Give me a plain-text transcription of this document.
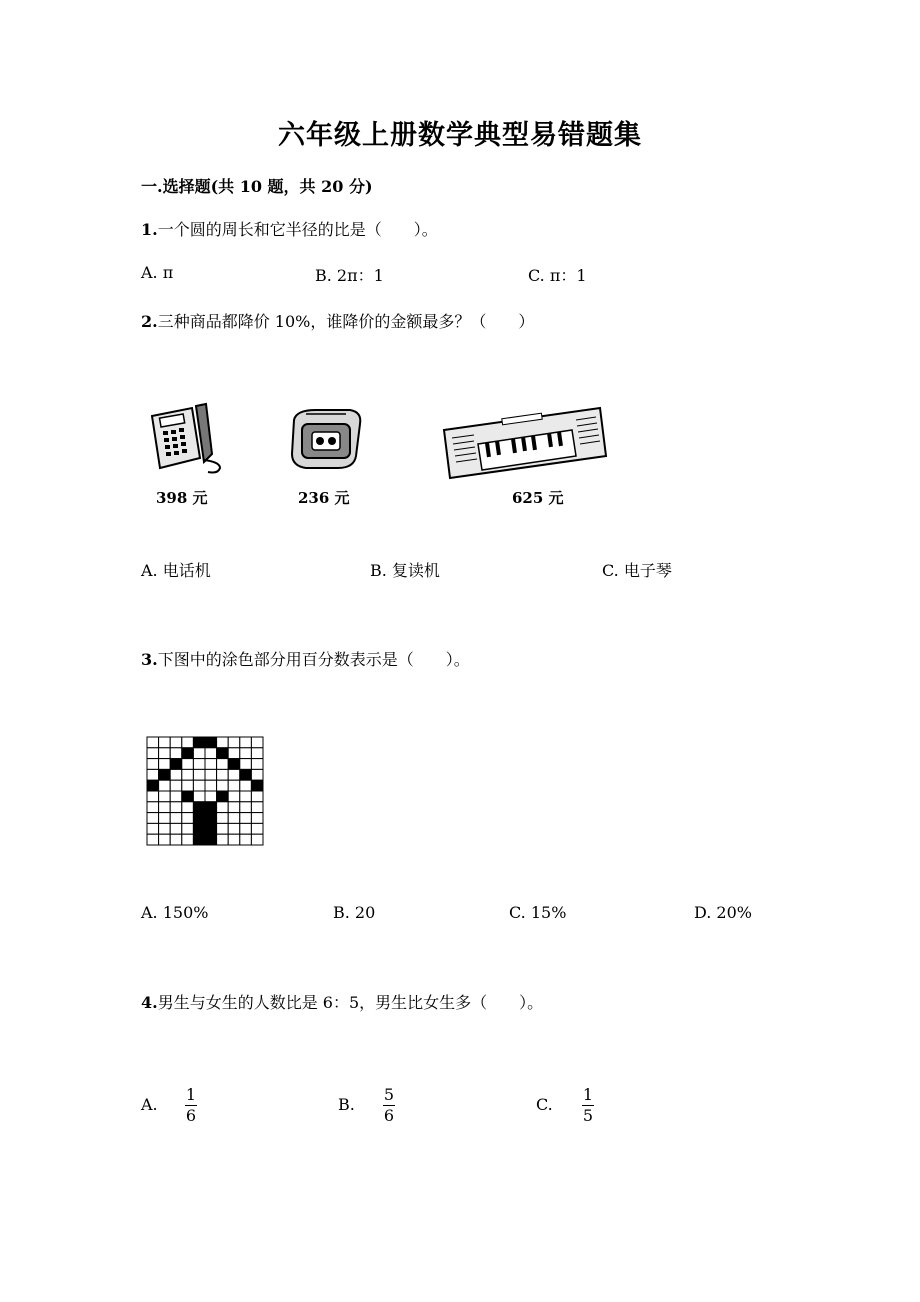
六年级上册数学典型易错题集
一.选择题(共 10 题，共 20 分)
1.一个圆的周长和它半径的比是（　　）。
A. π	B. 2π：1	C. π：1
2.三种商品都降价 10%，谁降价的金额最多？（　　）
398 元	236 元	625 元
A. 电话机	B. 复读机	C. 电子琴
3.下图中的涂色部分用百分数表示是（　　）。
A. 150%	B. 20	C. 15%	D. 20%
4.男生与女生的人数比是 6：5，男生比女生多（　　）。
A. $\frac{1}{6}$	B. $\frac{5}{6}$	C. $\frac{1}{5}$
